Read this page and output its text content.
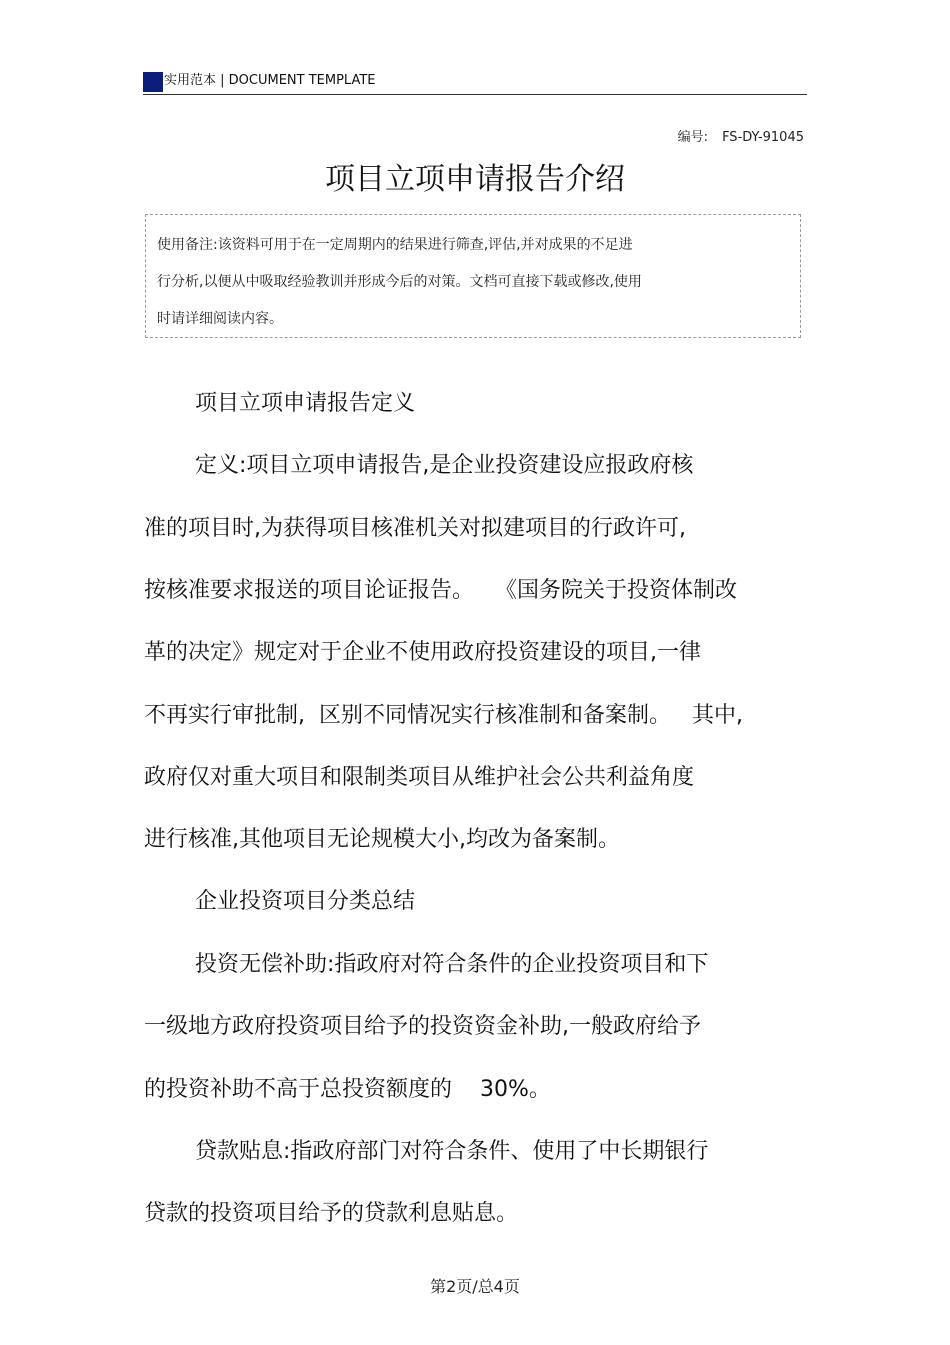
实用范本 | DOCUMENT TEMPLATE
编号: FS-DY-91045
项目立项申请报告介绍
使用备注:该资料可用于在一定周期内的结果进行筛查,评估,并对成果的不足进
行分析,以便从中吸取经验教训并形成今后的对策。文档可直接下载或修改,使用
时请详细阅读内容。
项目立项申请报告定义
定义:项目立项申请报告,是企业投资建设应报政府核
准的项目时,为获得项目核准机关对拟建项目的行政许可,
按核准要求报送的项目论证报告。   《国务院关于投资体制改
革的决定》规定对于企业不使用政府投资建设的项目,一律
不再实行审批制,  区别不同情况实行核准制和备案制。   其中,
政府仅对重大项目和限制类项目从维护社会公共利益角度
进行核准,其他项目无论规模大小,均改为备案制。
企业投资项目分类总结
投资无偿补助:指政府对符合条件的企业投资项目和下
一级地方政府投资项目给予的投资资金补助,一般政府给予
的投资补助不高于总投资额度的    30%。
贷款贴息:指政府部门对符合条件、使用了中长期银行
贷款的投资项目给予的贷款利息贴息。
第2页/总4页
